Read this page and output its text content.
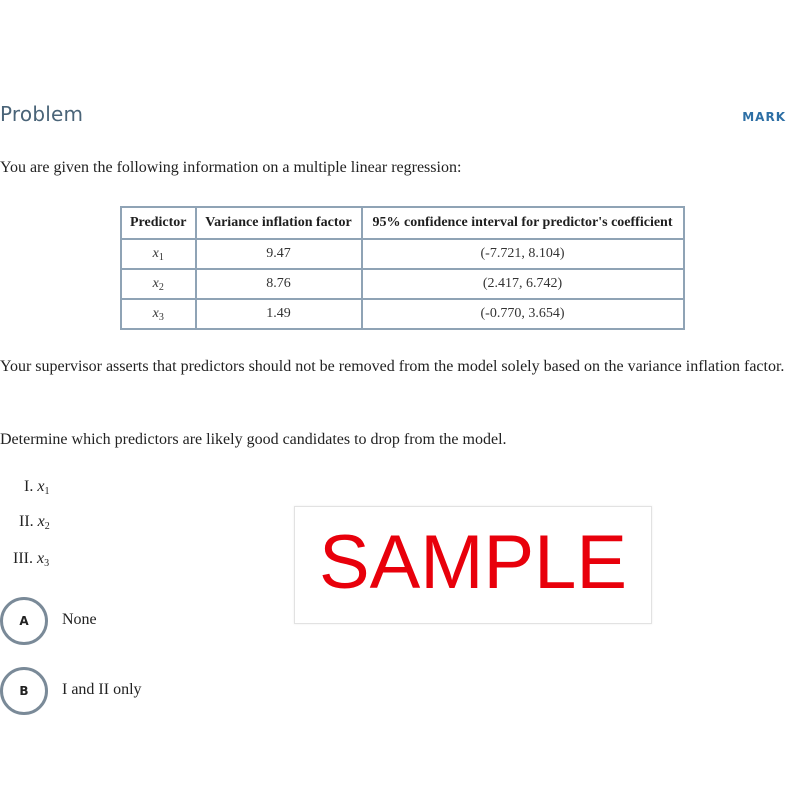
Problem	MARK
You are given the following information on a multiple linear regression:
Predictor	Variance inflation factor	95% confidence interval for predictor's coefficient
$x_1$	9.47	(-7.721, 8.104)
$x_2$	8.76	(2.417, 6.742)
$x_3$	1.49	(-0.770, 3.654)
Your supervisor asserts that predictors should not be removed from the model solely based on the variance inflation factor.
Determine which predictors are likely good candidates to drop from the model.
I. $x_1$
II. $x_2$
III. $x_3$	SAMPLE
A	None
B	I and II only
